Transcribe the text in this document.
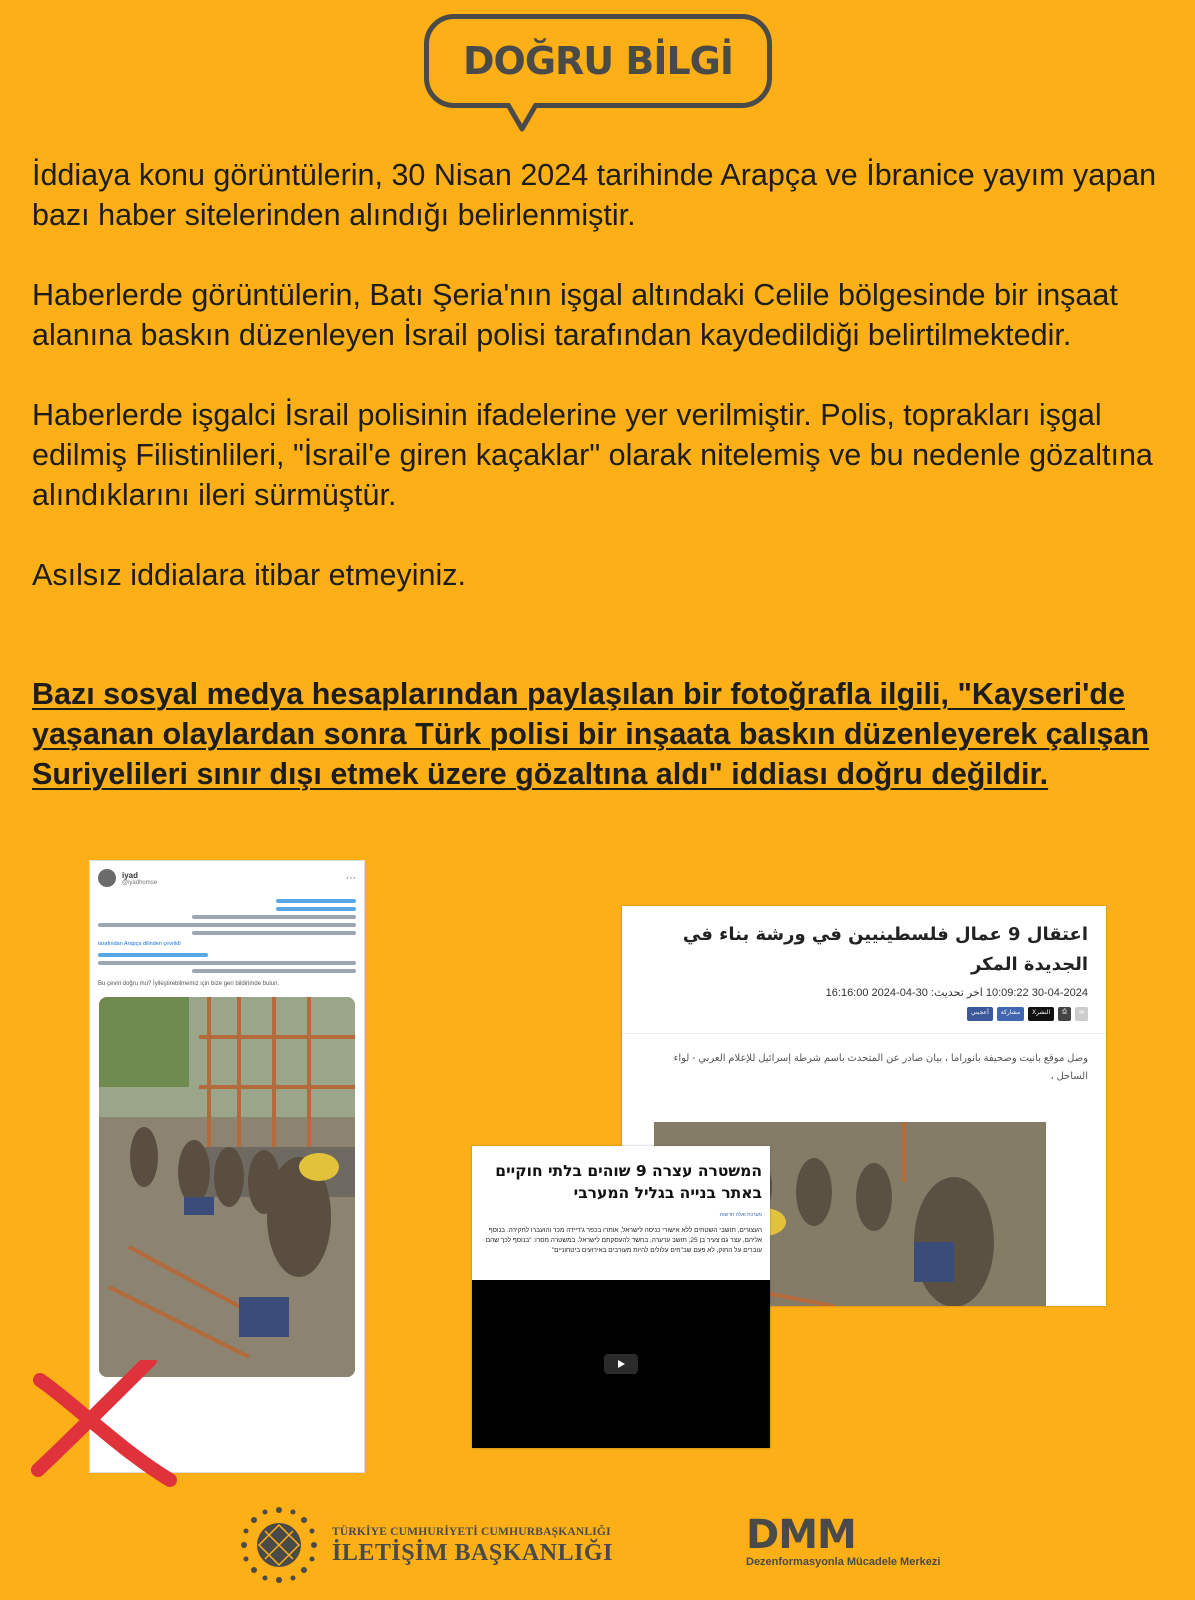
DOĞRU BİLGİ

İddiaya konu görüntülerin, 30 Nisan 2024 tarihinde Arapça ve İbranice yayım yapan bazı haber sitelerinden alındığı belirlenmiştir.

Haberlerde görüntülerin, Batı Şeria'nın işgal altındaki Celile bölgesinde bir inşaat alanına baskın düzenleyen İsrail polisi tarafından kaydedildiği belirtilmektedir.

Haberlerde işgalci İsrail polisinin ifadelerine yer verilmiştir. Polis, toprakları işgal edilmiş Filistinlileri, "İsrail'e giren kaçaklar" olarak nitelemiş ve bu nedenle gözaltına alındıklarını ileri sürmüştür.

Asılsız iddialara itibar etmeyiniz.

Bazı sosyal medya hesaplarından paylaşılan bir fotoğrafla ilgili, "Kayseri'de yaşanan olaylardan sonra Türk polisi bir inşaata baskın düzenleyerek çalışan Suriyelileri sınır dışı etmek üzere gözaltına aldı" iddiası doğru değildir.
iyad
@iyadhomse	⋯
tarafından Arapça dilinden çevrildi
Bu çeviri doğru mu? İyileştirebilmemiz için bize geri bildirimde bulun.
اعتقال 9 عمال فلسطينيين في ورشة بناء في الجديدة المكر
30-04-2024 10:09:22 اخر تحديث: 30-04-2024 16:16:00
أعجبني	مشاركة	Xالنشر	⎙	✉
وصل موقع بانيت وصحيفة بانوراما ، بيان صادر عن المتحدث باسم شرطة إسرائيل للإعلام العربي - لواء الساحل ،
המשטרה עצרה 9 שוהים בלתי חוקיים באתר בנייה בגליל המערבי
מערכת ואלה חדשות
העצורים, תושבי השטחים ללא אישורי כניסה לישראל, אותרו בכפר ג'דיידה מכר והועברו לחקירה. בנוסף אליהם, עצר גם צעיר בן 25, תושב ערערה, בחשד להעסקתם לישראל. במשטרה מסרו: "בנוסף לכך שהם עוברים על החוק, לא פעם שב"חים עלולים להיות מעורבים באירועים ביטחוניים"
TÜRKİYE CUMHURİYETİ CUMHURBAŞKANLIĞI
İLETİŞİM BAŞKANLIĞI	DMM
Dezenformasyonla Mücadele Merkezi
